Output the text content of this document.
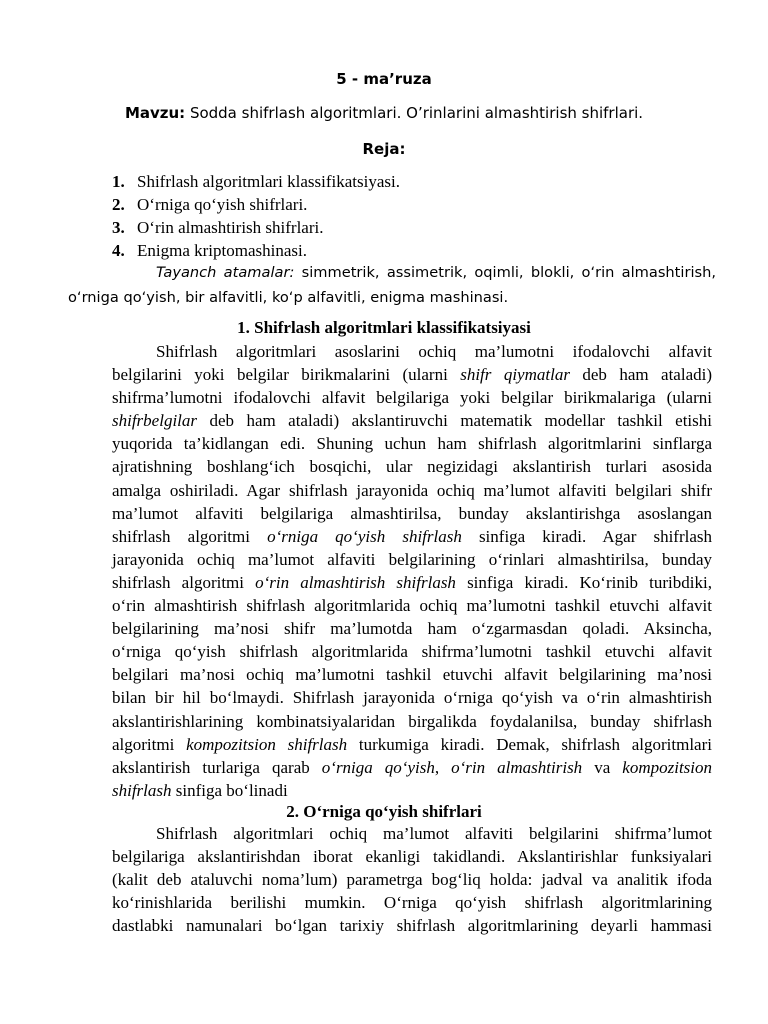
5 - ma’ruza
Mavzu: Sodda shifrlash algoritmlari. O’rinlarini almashtirish shifrlari.
Reja:
1. Shifrlash algoritmlari klassifikatsiyasi.
2. O‘rniga qo‘yish shifrlari.
3. O‘rin almashtirish shifrlari.
4. Enigma kriptomashinasi.
Tayanch atamalar: simmetrik, assimetrik, oqimli, blokli, o‘rin almashtirish,
o‘rniga qo‘yish, bir alfavitli, ko‘p alfavitli, enigma mashinasi.
1. Shifrlash algoritmlari klassifikatsiyasi
Shifrlash algoritmlari asoslarini ochiq ma’lumotni ifodalovchi alfavit
belgilarini yoki belgilar birikmalarini (ularni shifr qiymatlar deb ham ataladi)
shifrma’lumotni ifodalovchi alfavit belgilariga yoki belgilar birikmalariga (ularni
shifrbelgilar deb ham ataladi) akslantiruvchi matematik modellar tashkil etishi
yuqorida ta’kidlangan edi. Shuning uchun ham shifrlash algoritmlarini sinflarga
ajratishning boshlang‘ich bosqichi, ular negizidagi akslantirish turlari asosida
amalga oshiriladi. Agar shifrlash jarayonida ochiq ma’lumot alfaviti belgilari shifr
ma’lumot alfaviti belgilariga almashtirilsa, bunday akslantirishga asoslangan
shifrlash algoritmi o‘rniga qo‘yish shifrlash sinfiga kiradi. Agar shifrlash
jarayonida ochiq ma’lumot alfaviti belgilarining o‘rinlari almashtirilsa, bunday
shifrlash algoritmi o‘rin almashtirish shifrlash sinfiga kiradi. Ko‘rinib turibdiki,
o‘rin almashtirish shifrlash algoritmlarida ochiq ma’lumotni tashkil etuvchi alfavit
belgilarining ma’nosi shifr ma’lumotda ham o‘zgarmasdan qoladi. Aksincha,
o‘rniga qo‘yish shifrlash algoritmlarida shifrma’lumotni tashkil etuvchi alfavit
belgilari ma’nosi ochiq ma’lumotni tashkil etuvchi alfavit belgilarining ma’nosi
bilan bir hil bo‘lmaydi. Shifrlash jarayonida o‘rniga qo‘yish va o‘rin almashtirish
akslantirishlarining kombinatsiyalaridan birgalikda foydalanilsa, bunday shifrlash
algoritmi kompozitsion shifrlash turkumiga kiradi. Demak, shifrlash algoritmlari
akslantirish turlariga qarab o‘rniga qo‘yish, o‘rin almashtirish va kompozitsion
shifrlash sinfiga bo‘linadi
2. O‘rniga qo‘yish shifrlari
Shifrlash algoritmlari ochiq ma’lumot alfaviti belgilarini shifrma’lumot
belgilariga akslantirishdan iborat ekanligi takidlandi. Akslantirishlar funksiyalari
(kalit deb ataluvchi noma’lum) parametrga bog‘liq holda: jadval va analitik ifoda
ko‘rinishlarida berilishi mumkin. O‘rniga qo‘yish shifrlash algoritmlarining
dastlabki namunalari bo‘lgan tarixiy shifrlash algoritmlarining deyarli hammasi
